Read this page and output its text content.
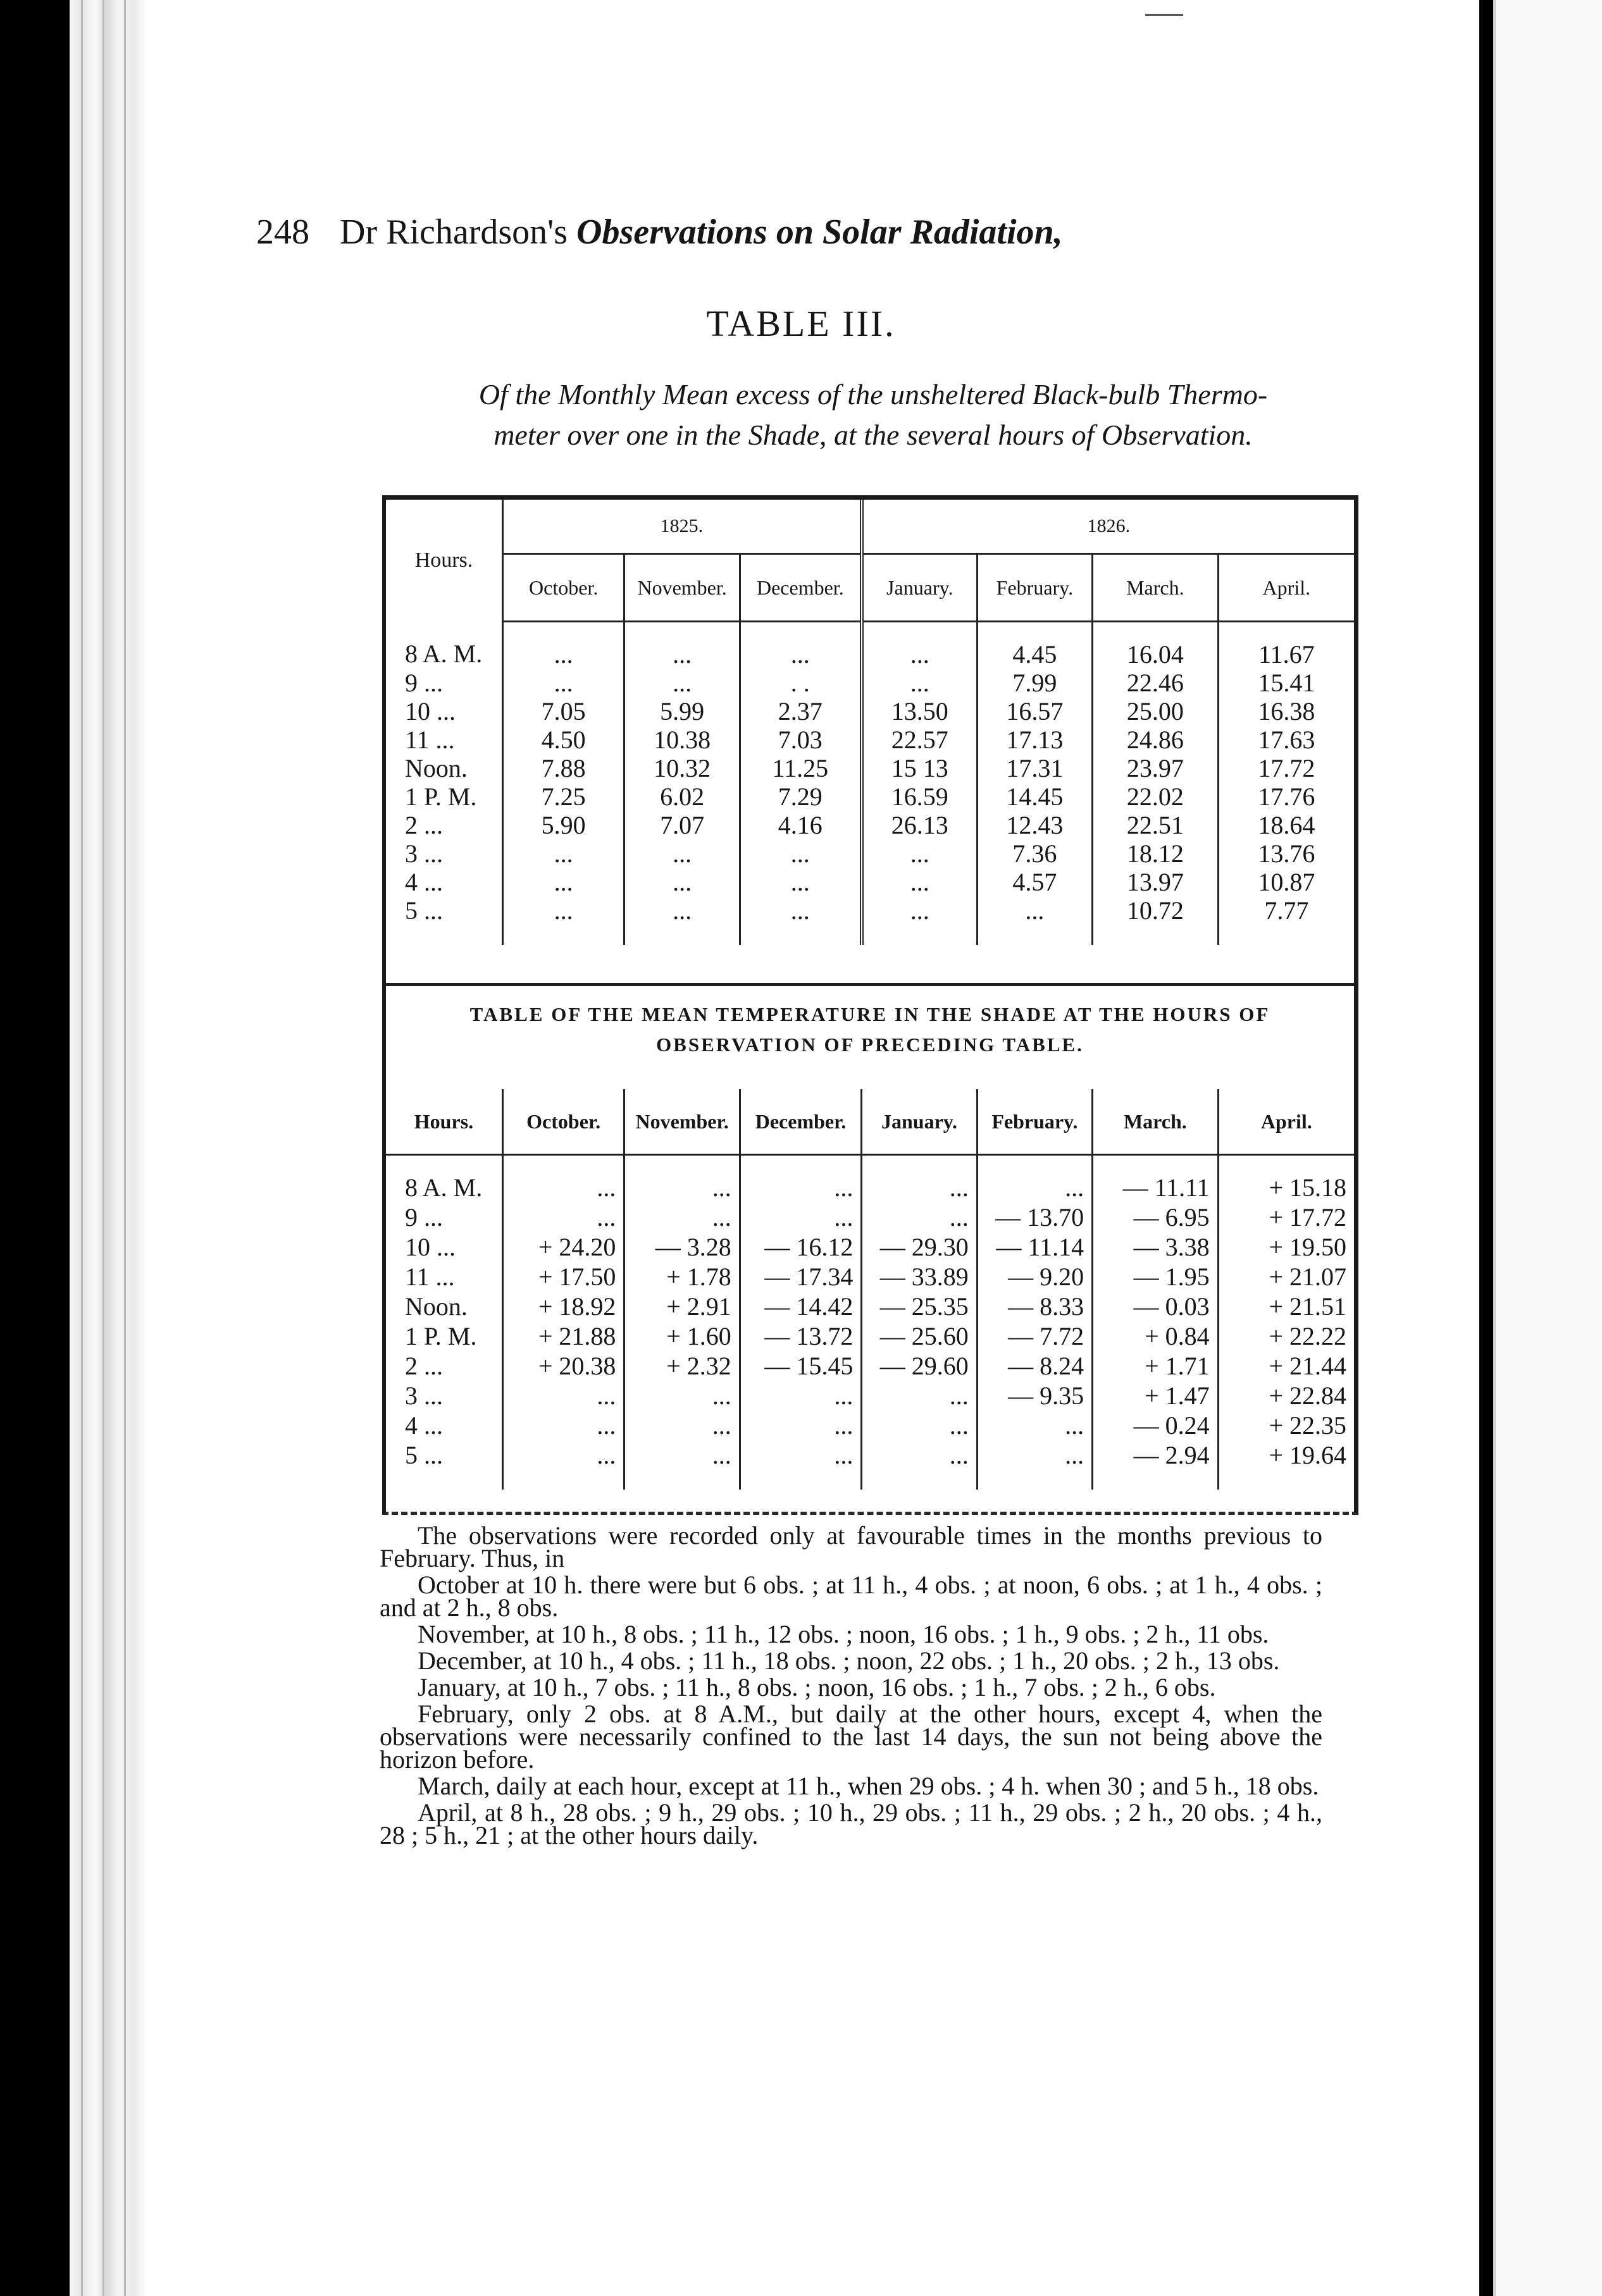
248 Dr Richardson's Observations on Solar Radiation,
TABLE III.
Of the Monthly Mean excess of the unsheltered Black-bulb Thermo-
meter over one in the Shade, at the several hours of Observation.
Hours.	1825.			1826.			
	October.	November.	December.	January.	February.	March.	April.
8 A. M.	...	...	...	...	4.45	16.04	11.67
9 ...	...	...	. .	...	7.99	22.46	15.41
10 ...	7.05	5.99	2.37	13.50	16.57	25.00	16.38
11 ...	4.50	10.38	7.03	22.57	17.13	24.86	17.63
Noon.	7.88	10.32	11.25	15 13	17.31	23.97	17.72
1 P. M.	7.25	6.02	7.29	16.59	14.45	22.02	17.76
2 ...	5.90	7.07	4.16	26.13	12.43	22.51	18.64
3 ...	...	...	...	...	7.36	18.12	13.76
4 ...	...	...	...	...	4.57	13.97	10.87
5 ...	...	...	...	...	...	10.72	7.77
TABLE OF THE MEAN TEMPERATURE IN THE SHADE AT THE HOURS OF
OBSERVATION OF PRECEDING TABLE.
Hours.	October.	November.	December.	January.	February.	March.	April.
8 A. M.	...	...	...	...	...	— 11.11	+ 15.18
9 ...	...	...	...	...	— 13.70	— 6.95	+ 17.72
10 ...	+ 24.20	— 3.28	— 16.12	— 29.30	— 11.14	— 3.38	+ 19.50
11 ...	+ 17.50	+ 1.78	— 17.34	— 33.89	— 9.20	— 1.95	+ 21.07
Noon.	+ 18.92	+ 2.91	— 14.42	— 25.35	— 8.33	— 0.03	+ 21.51
1 P. M.	+ 21.88	+ 1.60	— 13.72	— 25.60	— 7.72	+ 0.84	+ 22.22
2 ...	+ 20.38	+ 2.32	— 15.45	— 29.60	— 8.24	+ 1.71	+ 21.44
3 ...	...	...	...	...	— 9.35	+ 1.47	+ 22.84
4 ...	...	...	...	...	...	— 0.24	+ 22.35
5 ...	...	...	...	...	...	— 2.94	+ 19.64

The observations were recorded only at favourable times in the months previous to February. Thus, in

October at 10 h. there were but 6 obs. ; at 11 h., 4 obs. ; at noon, 6 obs. ; at 1 h., 4 obs. ; and at 2 h., 8 obs.

November, at 10 h., 8 obs. ; 11 h., 12 obs. ; noon, 16 obs. ; 1 h., 9 obs. ; 2 h., 11 obs.

December, at 10 h., 4 obs. ; 11 h., 18 obs. ; noon, 22 obs. ; 1 h., 20 obs. ; 2 h., 13 obs.

January, at 10 h., 7 obs. ; 11 h., 8 obs. ; noon, 16 obs. ; 1 h., 7 obs. ; 2 h., 6 obs.

February, only 2 obs. at 8 A.M., but daily at the other hours, except 4, when the observations were necessarily confined to the last 14 days, the sun not being above the horizon before.

March, daily at each hour, except at 11 h., when 29 obs. ; 4 h. when 30 ; and 5 h., 18 obs.

April, at 8 h., 28 obs. ; 9 h., 29 obs. ; 10 h., 29 obs. ; 11 h., 29 obs. ; 2 h., 20 obs. ; 4 h., 28 ; 5 h., 21 ; at the other hours daily.
